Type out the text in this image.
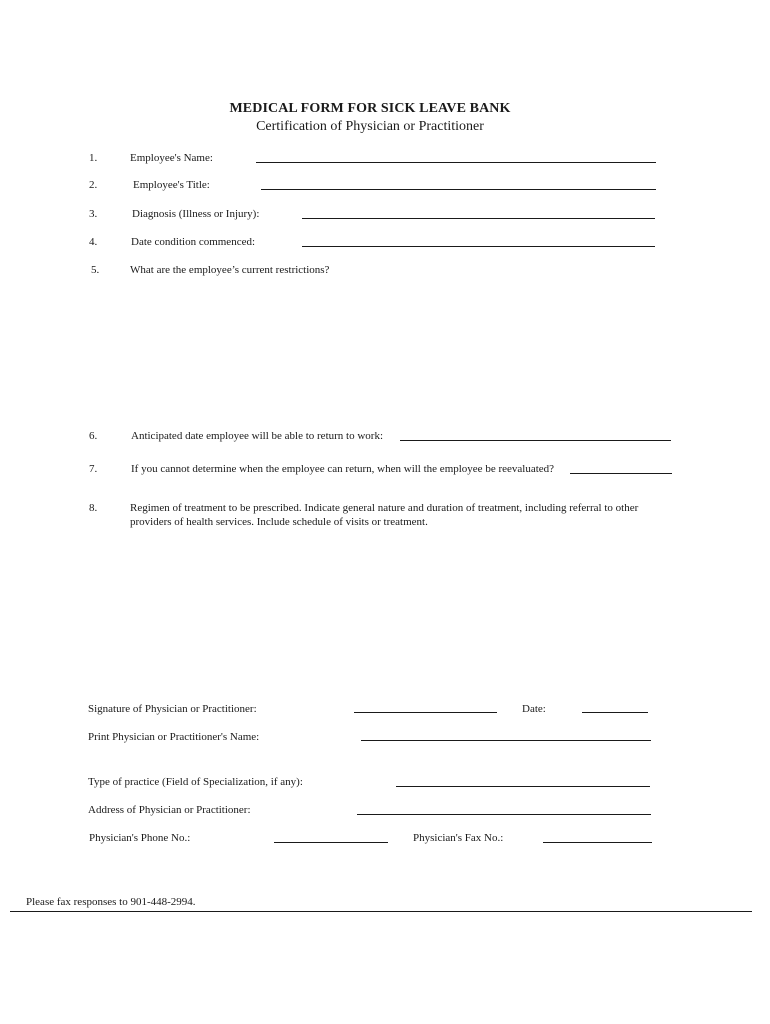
MEDICAL FORM FOR SICK LEAVE BANK
Certification of Physician or Practitioner
1.	Employee's Name:
2.	Employee's Title:
3.	Diagnosis (Illness or Injury):
4.	Date condition commenced:
5.	What are the employee’s current restrictions?
6.	Anticipated date employee will be able to return to work:
7.	If you cannot determine when the employee can return, when will the employee be reevaluated?
8.	Regimen of treatment to be prescribed. Indicate general nature and duration of treatment, including referral to other providers of health services. Include schedule of visits or treatment.
Signature of Physician or Practitioner:	Date:
Print Physician or Practitioner's Name:
Type of practice (Field of Specialization, if any):
Address of Physician or Practitioner:
Physician's Phone No.:	Physician's Fax No.:
Please fax responses to 901-448-2994.
